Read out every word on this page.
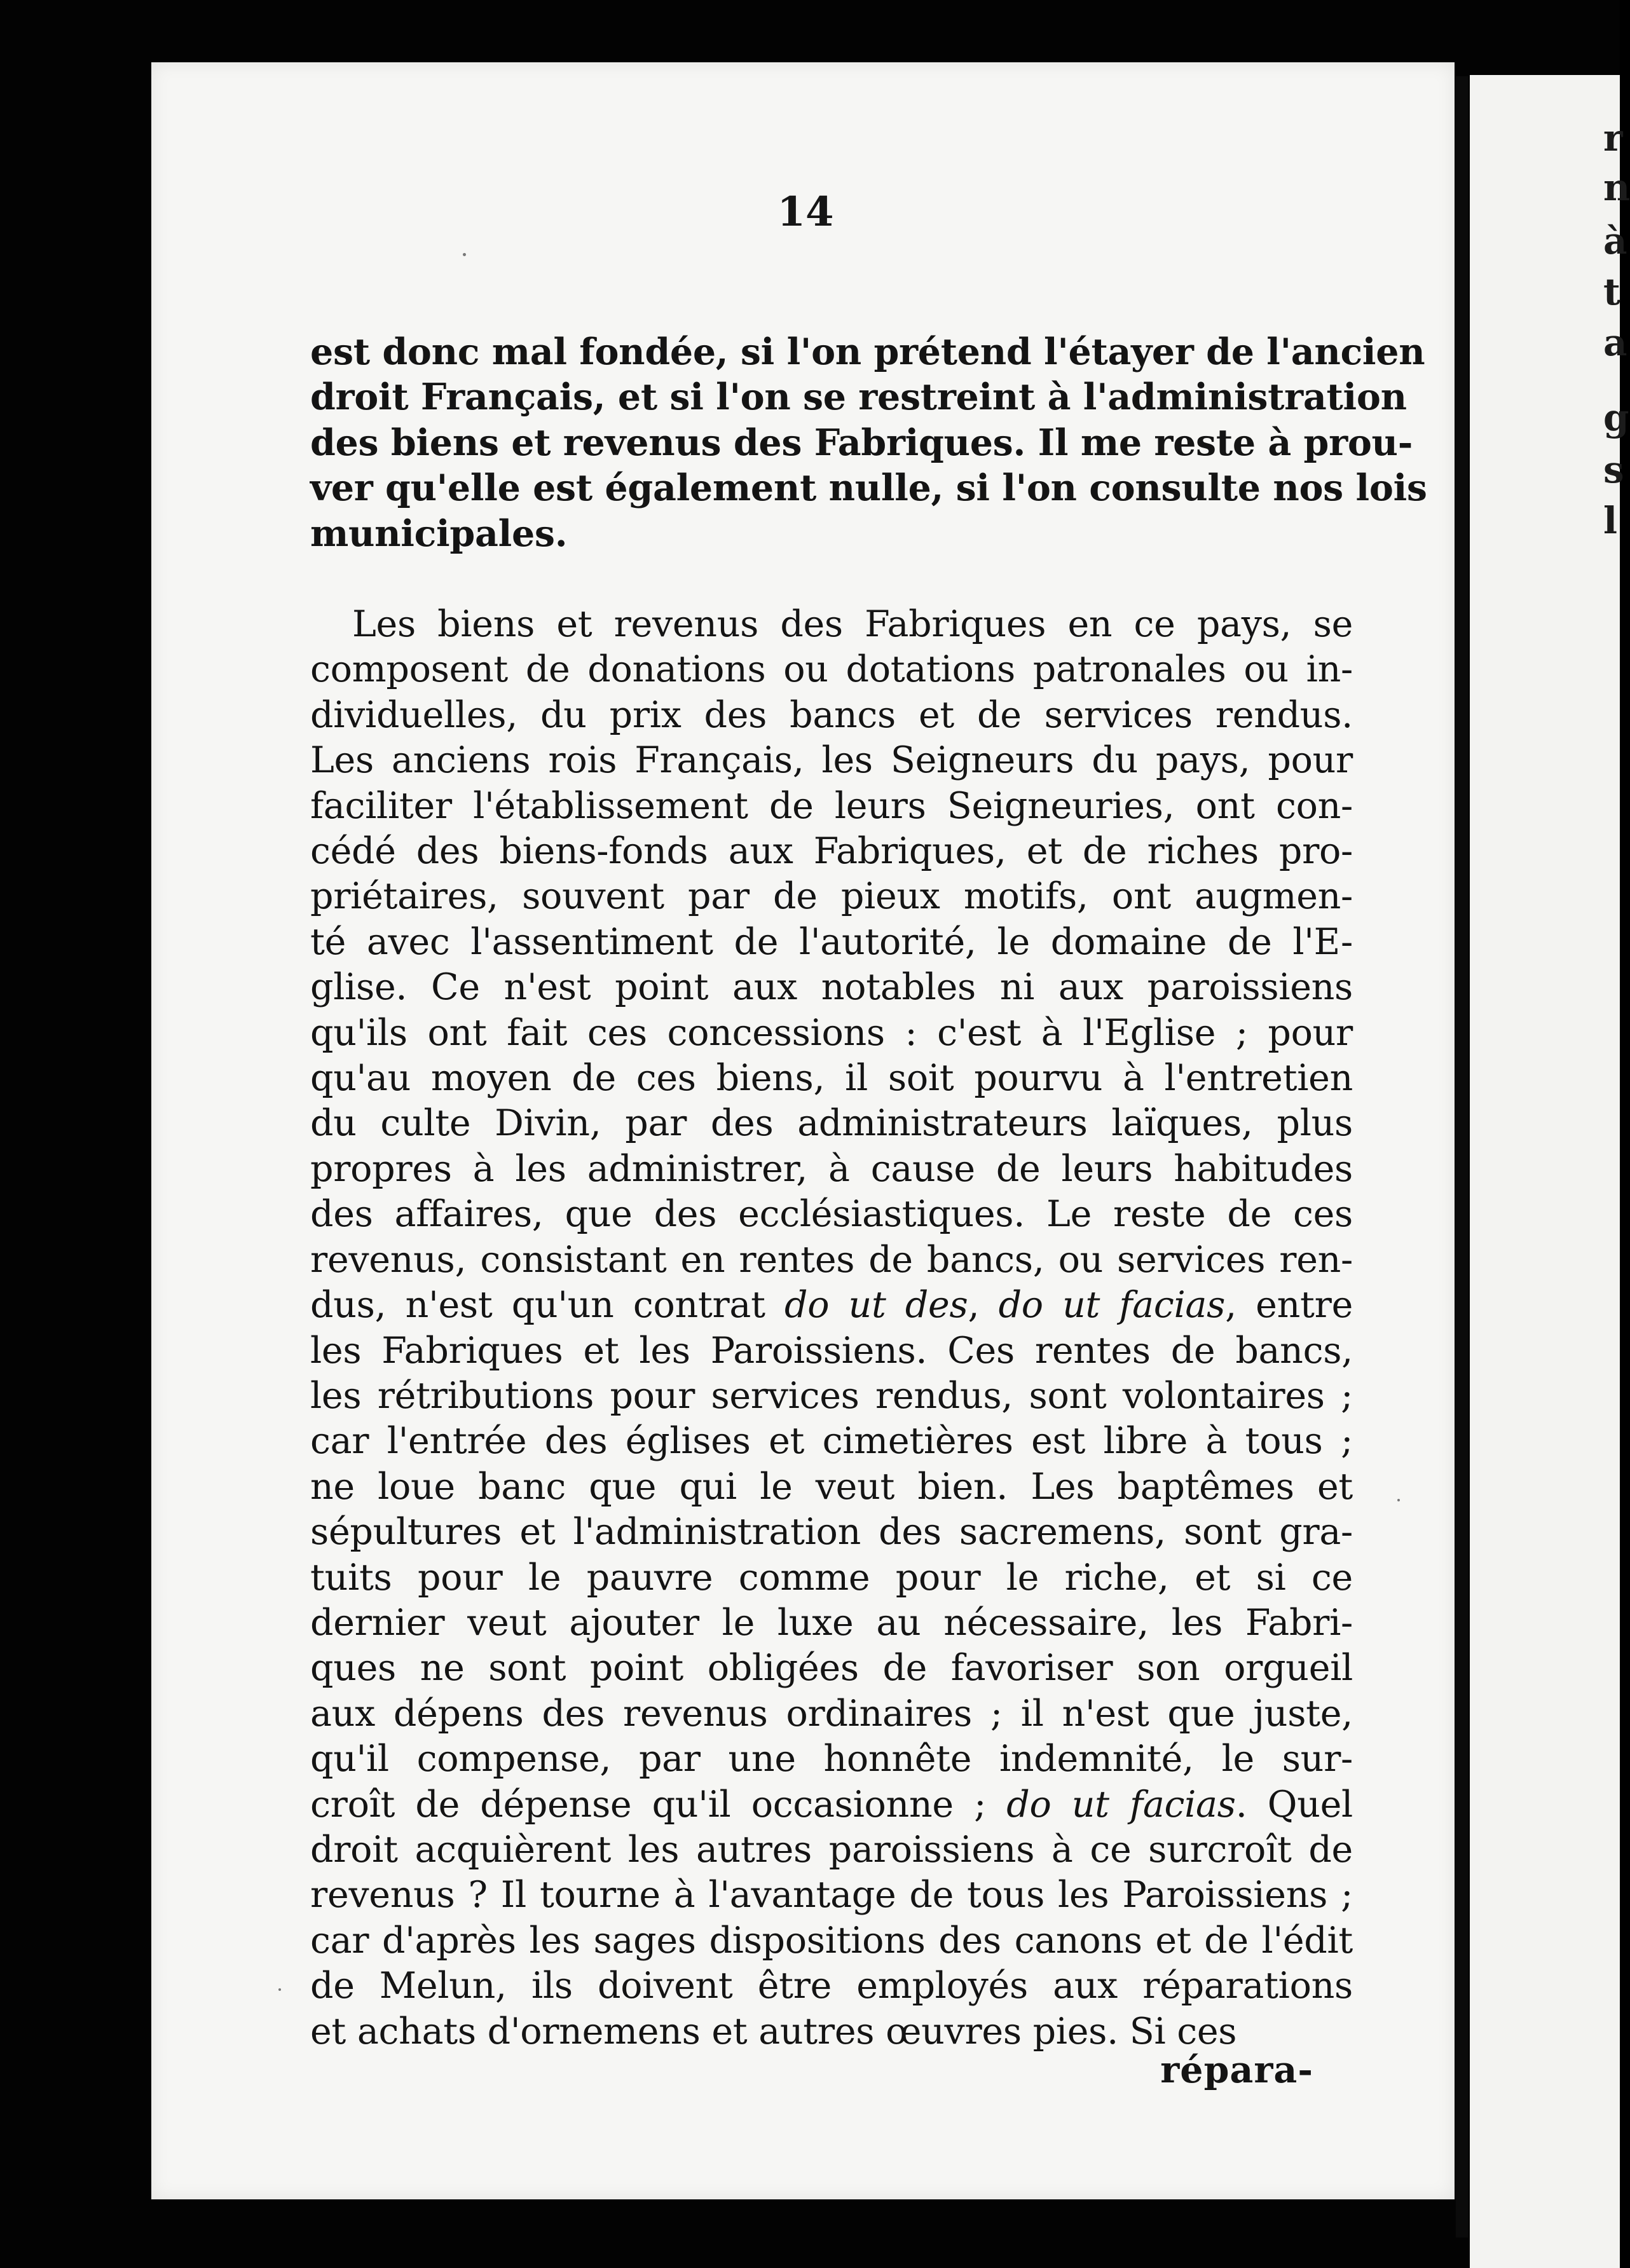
14
est donc mal fondée, si l'on prétend l'étayer de l'ancien
droit Français, et si l'on se restreint à l'administration
des biens et revenus des Fabriques. Il me reste à prou-
ver qu'elle est également nulle, si l'on consulte nos lois
municipales.
Les biens et revenus des Fabriques en ce pays, se
composent de donations ou dotations patronales ou in-
dividuelles, du prix des bancs et de services rendus.
Les anciens rois Français, les Seigneurs du pays, pour
faciliter l'établissement de leurs Seigneuries, ont con-
cédé des biens-fonds aux Fabriques, et de riches pro-
priétaires, souvent par de pieux motifs, ont augmen-
té avec l'assentiment de l'autorité, le domaine de l'E-
glise. Ce n'est point aux notables ni aux paroissiens
qu'ils ont fait ces concessions : c'est à l'Eglise ; pour
qu'au moyen de ces biens, il soit pourvu à l'entretien
du culte Divin, par des administrateurs laïques, plus
propres à les administrer, à cause de leurs habitudes
des affaires, que des ecclésiastiques. Le reste de ces
revenus, consistant en rentes de bancs, ou services ren-
dus, n'est qu'un contrat do ut des, do ut facias, entre
les Fabriques et les Paroissiens. Ces rentes de bancs,
les rétributions pour services rendus, sont volontaires ;
car l'entrée des églises et cimetières est libre à tous ;
ne loue banc que qui le veut bien. Les baptêmes et
sépultures et l'administration des sacremens, sont gra-
tuits pour le pauvre comme pour le riche, et si ce
dernier veut ajouter le luxe au nécessaire, les Fabri-
ques ne sont point obligées de favoriser son orgueil
aux dépens des revenus ordinaires ; il n'est que juste,
qu'il compense, par une honnête indemnité, le sur-
croît de dépense qu'il occasionne ; do ut facias. Quel
droit acquièrent les autres paroissiens à ce surcroît de
revenus ? Il tourne à l'avantage de tous les Paroissiens ;
car d'après les sages dispositions des canons et de l'édit
de Melun, ils doivent être employés aux réparations
et achats d'ornemens et autres œuvres pies. Si ces
répara-
r
n
à
t
a
g
s
l
